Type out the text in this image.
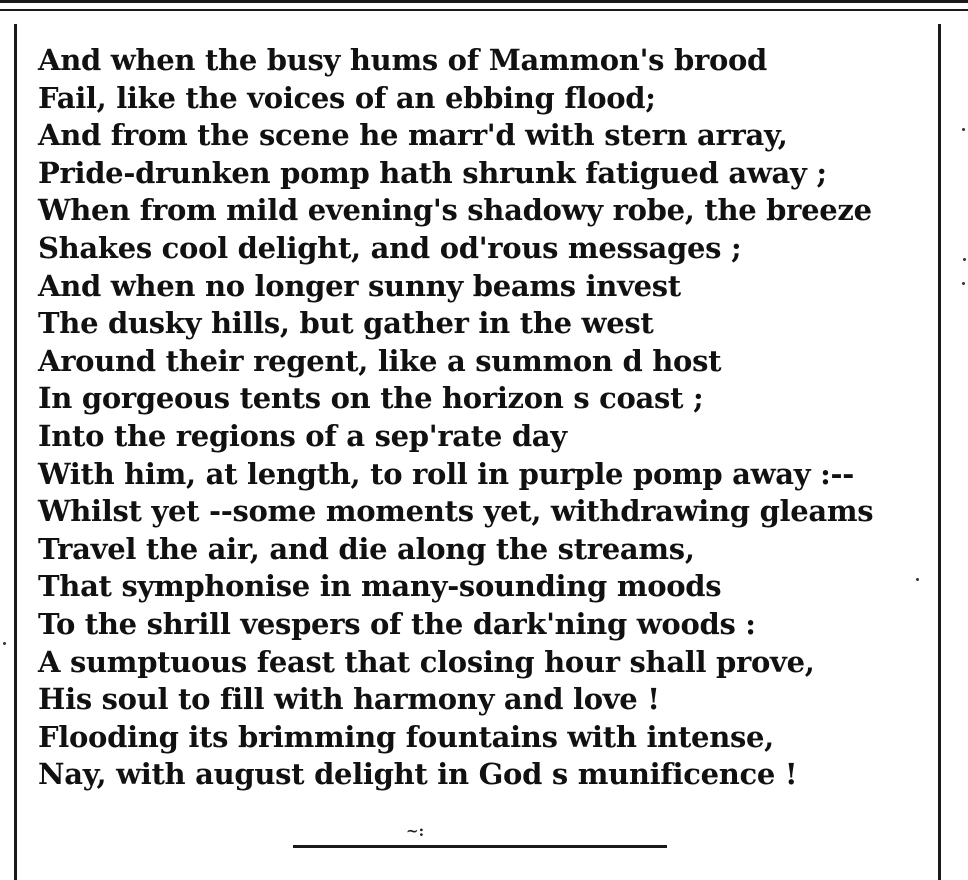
And when the busy hums of Mammon's brood
Fail, like the voices of an ebbing flood;
And from the scene he marr'd with stern array,
Pride-drunken pomp hath shrunk fatigued away ;
When from mild evening's shadowy robe, the breeze
Shakes cool delight, and od'rous messages ;
And when no longer sunny beams invest
The dusky hills, but gather in the west
Around their regent, like a summon d host
In gorgeous tents on the horizon s coast ;
Into the regions of a sep'rate day
With him, at length, to roll in purple pomp away :--
Whilst yet --some moments yet, withdrawing gleams
Travel the air, and die along the streams,
That symphonise in many-sounding moods
To the shrill vespers of the dark'ning woods :
A sumptuous feast that closing hour shall prove,
His soul to fill with harmony and love !
Flooding its brimming fountains with intense,
Nay, with august delight in God s munificence !
~:
